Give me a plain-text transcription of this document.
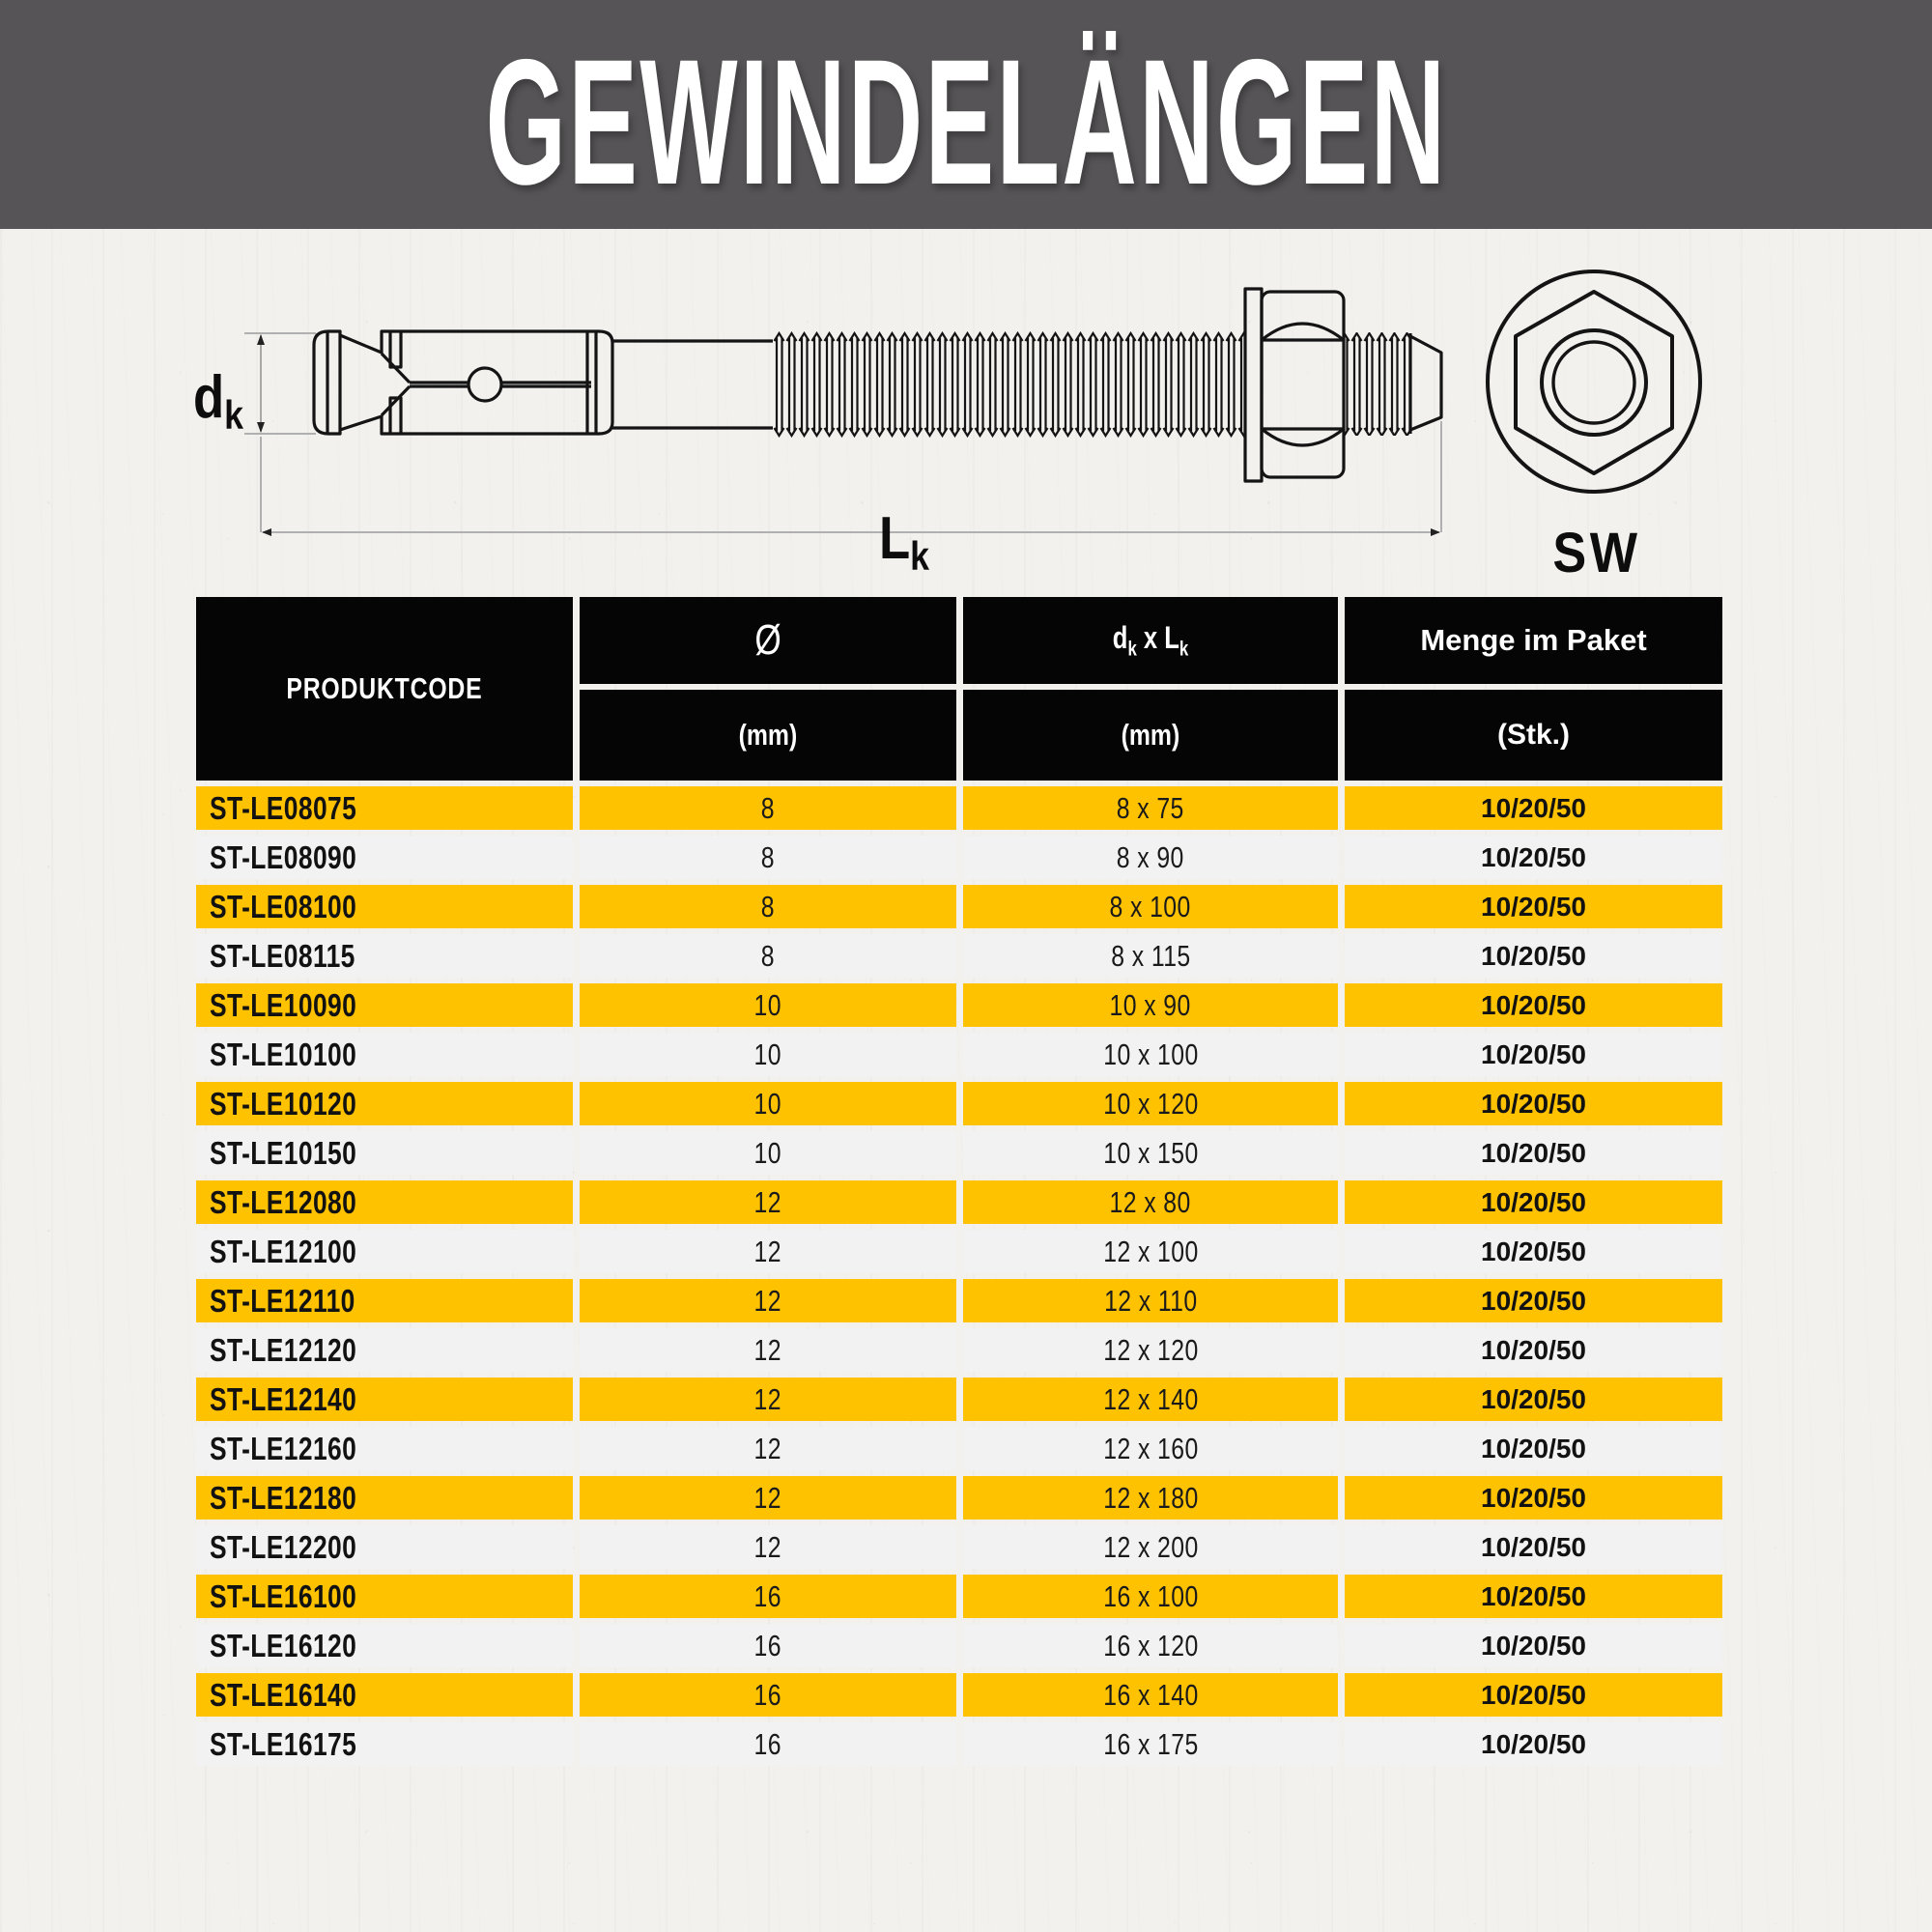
GEWINDELÄNGEN
dk
Lk	SW
PRODUKTCODE
Ø	$d_k$ x $L_k$	Menge im Paket
(mm)	(mm)	(Stk.)
ST-LE08075	8	8 x 75	10/20/50
ST-LE08090	8	8 x 90	10/20/50
ST-LE08100	8	8 x 100	10/20/50
ST-LE08115	8	8 x 115	10/20/50
ST-LE10090	10	10 x 90	10/20/50
ST-LE10100	10	10 x 100	10/20/50
ST-LE10120	10	10 x 120	10/20/50
ST-LE10150	10	10 x 150	10/20/50
ST-LE12080	12	12 x 80	10/20/50
ST-LE12100	12	12 x 100	10/20/50
ST-LE12110	12	12 x 110	10/20/50
ST-LE12120	12	12 x 120	10/20/50
ST-LE12140	12	12 x 140	10/20/50
ST-LE12160	12	12 x 160	10/20/50
ST-LE12180	12	12 x 180	10/20/50
ST-LE12200	12	12 x 200	10/20/50
ST-LE16100	16	16 x 100	10/20/50
ST-LE16120	16	16 x 120	10/20/50
ST-LE16140	16	16 x 140	10/20/50
ST-LE16175	16	16 x 175	10/20/50
